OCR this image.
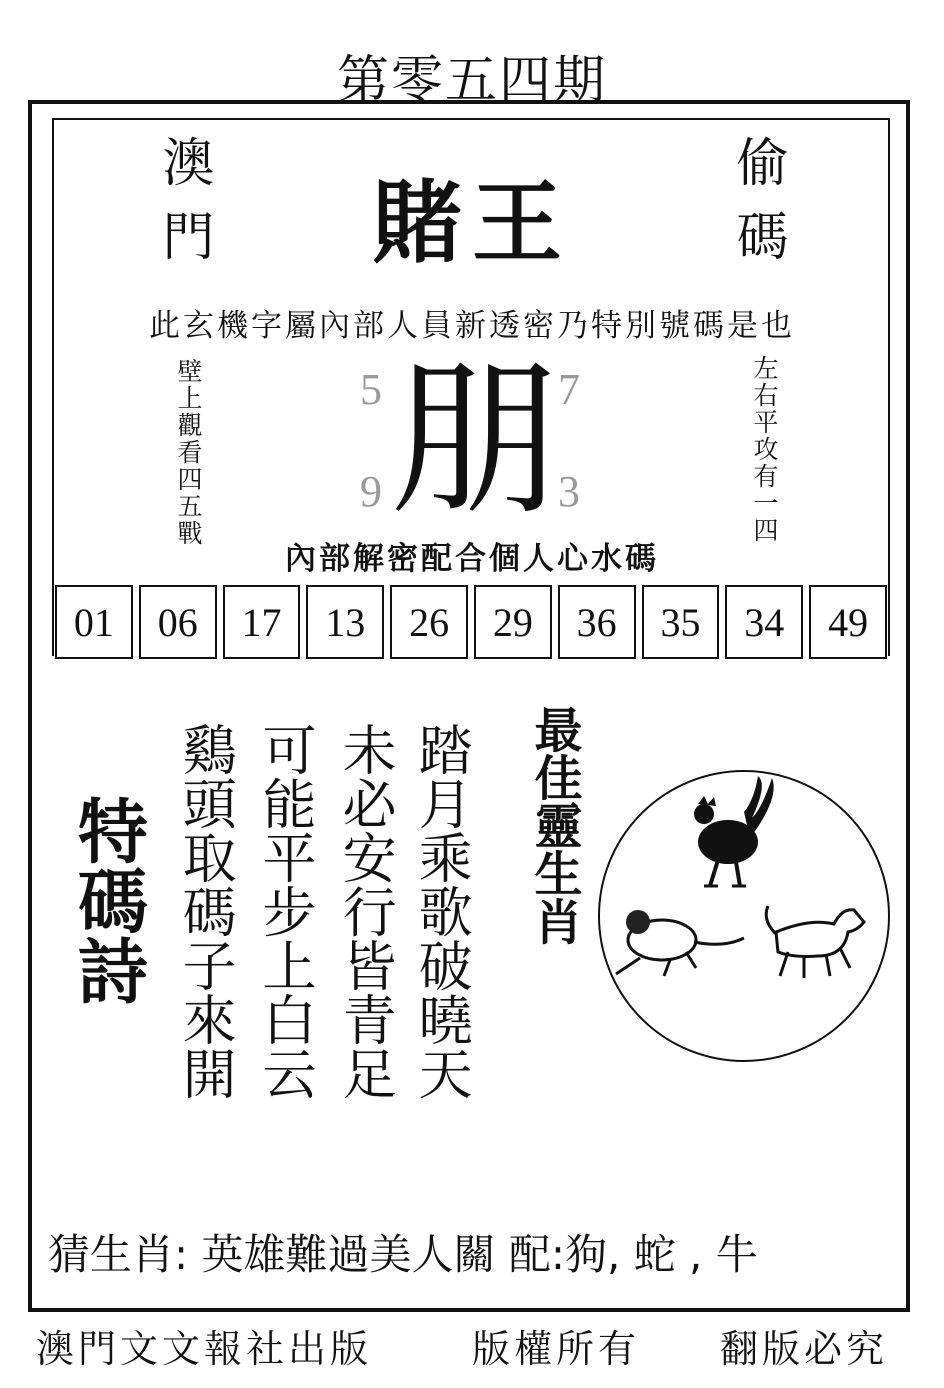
第零五四期
澳門	賭王	偷碼
此玄機字屬內部人員新透密乃特別號碼是也
壁上觀看四五戰	左右平攻有一四
5	7
9	3
朋
內部解密配合個人心水碼
01	06	17	13	26	29	36	35	34	49
特碼詩	踏月乘歌破曉天
未必安行皆青足
可能平步上白云
鷄頭取碼子來開	最佳靈生肖
猜生肖: 英雄難過美人關 配:狗, 蛇 , 牛
澳門文文報社出版	版權所有 翻版必究
